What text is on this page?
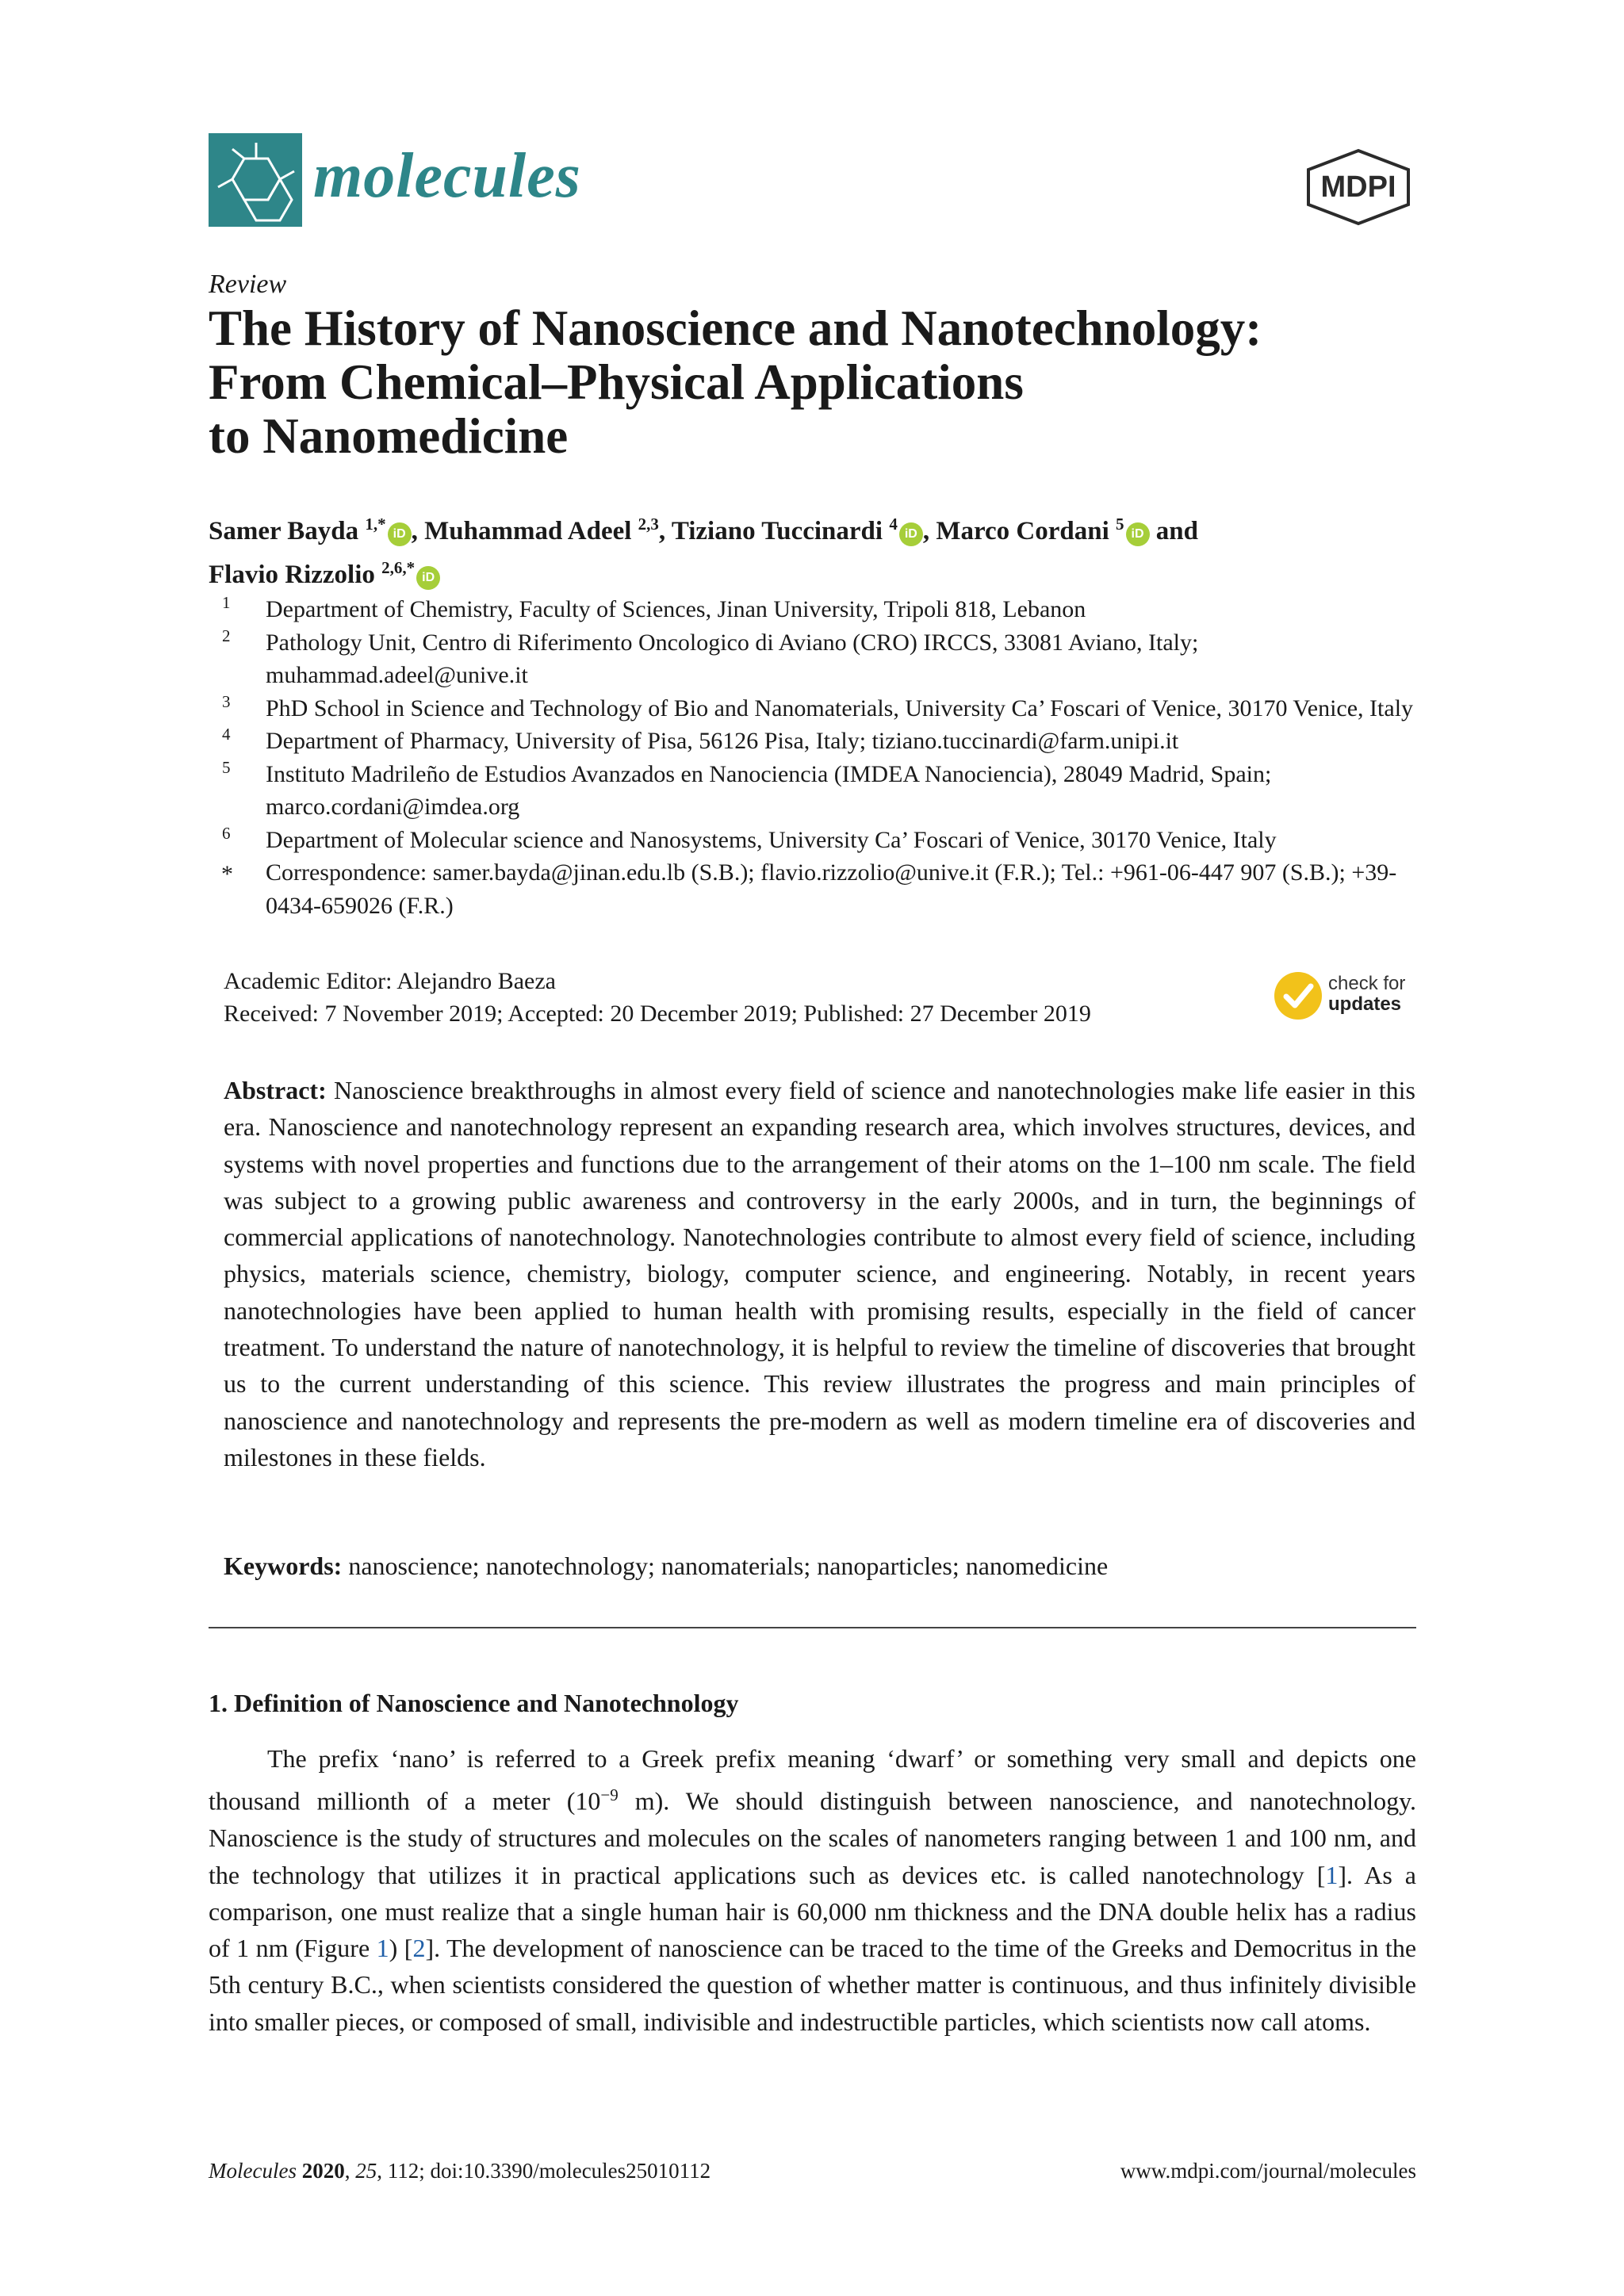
molecules	MDPI
Review
The History of Nanoscience and Nanotechnology:
From Chemical–Physical Applications
to Nanomedicine
Samer Bayda $^{1,*}$iD , Muhammad Adeel $^{2,3}$, Tiziano Tuccinardi $^4$iD , Marco Cordani $^5$iD and
Flavio Rizzolio $^{2,6,*}$iD
1 Department of Chemistry, Faculty of Sciences, Jinan University, Tripoli 818, Lebanon
2 Pathology Unit, Centro di Riferimento Oncologico di Aviano (CRO) IRCCS, 33081 Aviano, Italy; muhammad.adeel@unive.it
3 PhD School in Science and Technology of Bio and Nanomaterials, University Ca’ Foscari of Venice, 30170 Venice, Italy
4 Department of Pharmacy, University of Pisa, 56126 Pisa, Italy; tiziano.tuccinardi@farm.unipi.it
5 Instituto Madrileño de Estudios Avanzados en Nanociencia (IMDEA Nanociencia), 28049 Madrid, Spain; marco.cordani@imdea.org
6 Department of Molecular science and Nanosystems, University Ca’ Foscari of Venice, 30170 Venice, Italy
* Correspondence: samer.bayda@jinan.edu.lb (S.B.); flavio.rizzolio@unive.it (F.R.); Tel.: +961-06-447 907 (S.B.); +39-0434-659026 (F.R.)
Academic Editor: Alejandro Baeza
Received: 7 November 2019; Accepted: 20 December 2019; Published: 27 December 2019
check for
updates
Abstract: Nanoscience breakthroughs in almost every field of science and nanotechnologies make life easier in this era. Nanoscience and nanotechnology represent an expanding research area, which involves structures, devices, and systems with novel properties and functions due to the arrangement of their atoms on the 1–100 nm scale. The field was subject to a growing public awareness and controversy in the early 2000s, and in turn, the beginnings of commercial applications of nanotechnology. Nanotechnologies contribute to almost every field of science, including physics, materials science, chemistry, biology, computer science, and engineering. Notably, in recent years nanotechnologies have been applied to human health with promising results, especially in the field of cancer treatment. To understand the nature of nanotechnology, it is helpful to review the timeline of discoveries that brought us to the current understanding of this science. This review illustrates the progress and main principles of nanoscience and nanotechnology and represents the pre-modern as well as modern timeline era of discoveries and milestones in these fields.
Keywords: nanoscience; nanotechnology; nanomaterials; nanoparticles; nanomedicine
1. Definition of Nanoscience and Nanotechnology
The prefix ‘nano’ is referred to a Greek prefix meaning ‘dwarf’ or something very small and depicts one thousand millionth of a meter ($10^{-9}$ m). We should distinguish between nanoscience, and nanotechnology. Nanoscience is the study of structures and molecules on the scales of nanometers ranging between 1 and 100 nm, and the technology that utilizes it in practical applications such as devices etc. is called nanotechnology [1]. As a comparison, one must realize that a single human hair is 60,000 nm thickness and the DNA double helix has a radius of 1 nm (Figure 1) [2]. The development of nanoscience can be traced to the time of the Greeks and Democritus in the 5th century B.C., when scientists considered the question of whether matter is continuous, and thus infinitely divisible into smaller pieces, or composed of small, indivisible and indestructible particles, which scientists now call atoms.
Molecules 2020, 25, 112; doi:10.3390/molecules25010112	www.mdpi.com/journal/molecules
